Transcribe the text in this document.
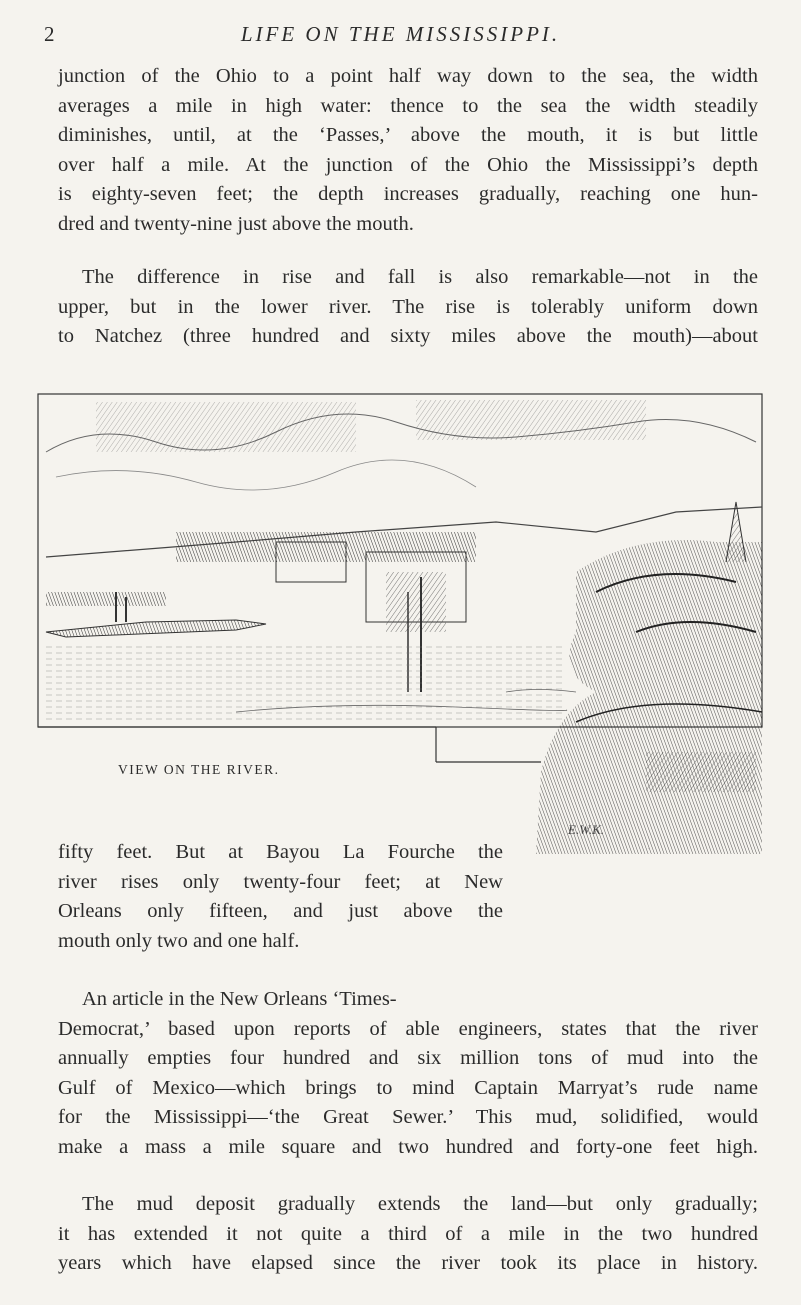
2	LIFE ON THE MISSISSIPPI.
junction of the Ohio to a point half way down to the sea, the width
averages a mile in high water: thence to the sea the width steadily
diminishes, until, at the ‘Passes,’ above the mouth, it is but little
over half a mile. At the junction of the Ohio the Mississippi’s depth
is eighty-seven feet; the depth increases gradually, reaching one hun-
dred and twenty-nine just above the mouth.
The difference in rise and fall is also remarkable—not in the
upper, but in the lower river. The rise is tolerably uniform down
to Natchez (three hundred and sixty miles above the mouth)—about
E.W.K.
VIEW ON THE RIVER.
fifty feet. But at Bayou La Fourche the
river rises only twenty-four feet; at New
Orleans only fifteen, and just above the
mouth only two and one half.
An article in the New Orleans ‘Times-
Democrat,’ based upon reports of able engineers, states that the river
annually empties four hundred and six million tons of mud into the
Gulf of Mexico—which brings to mind Captain Marryat’s rude name
for the Mississippi—‘the Great Sewer.’ This mud, solidified, would
make a mass a mile square and two hundred and forty-one feet high.
The mud deposit gradually extends the land—but only gradually;
it has extended it not quite a third of a mile in the two hundred
years which have elapsed since the river took its place in history.
